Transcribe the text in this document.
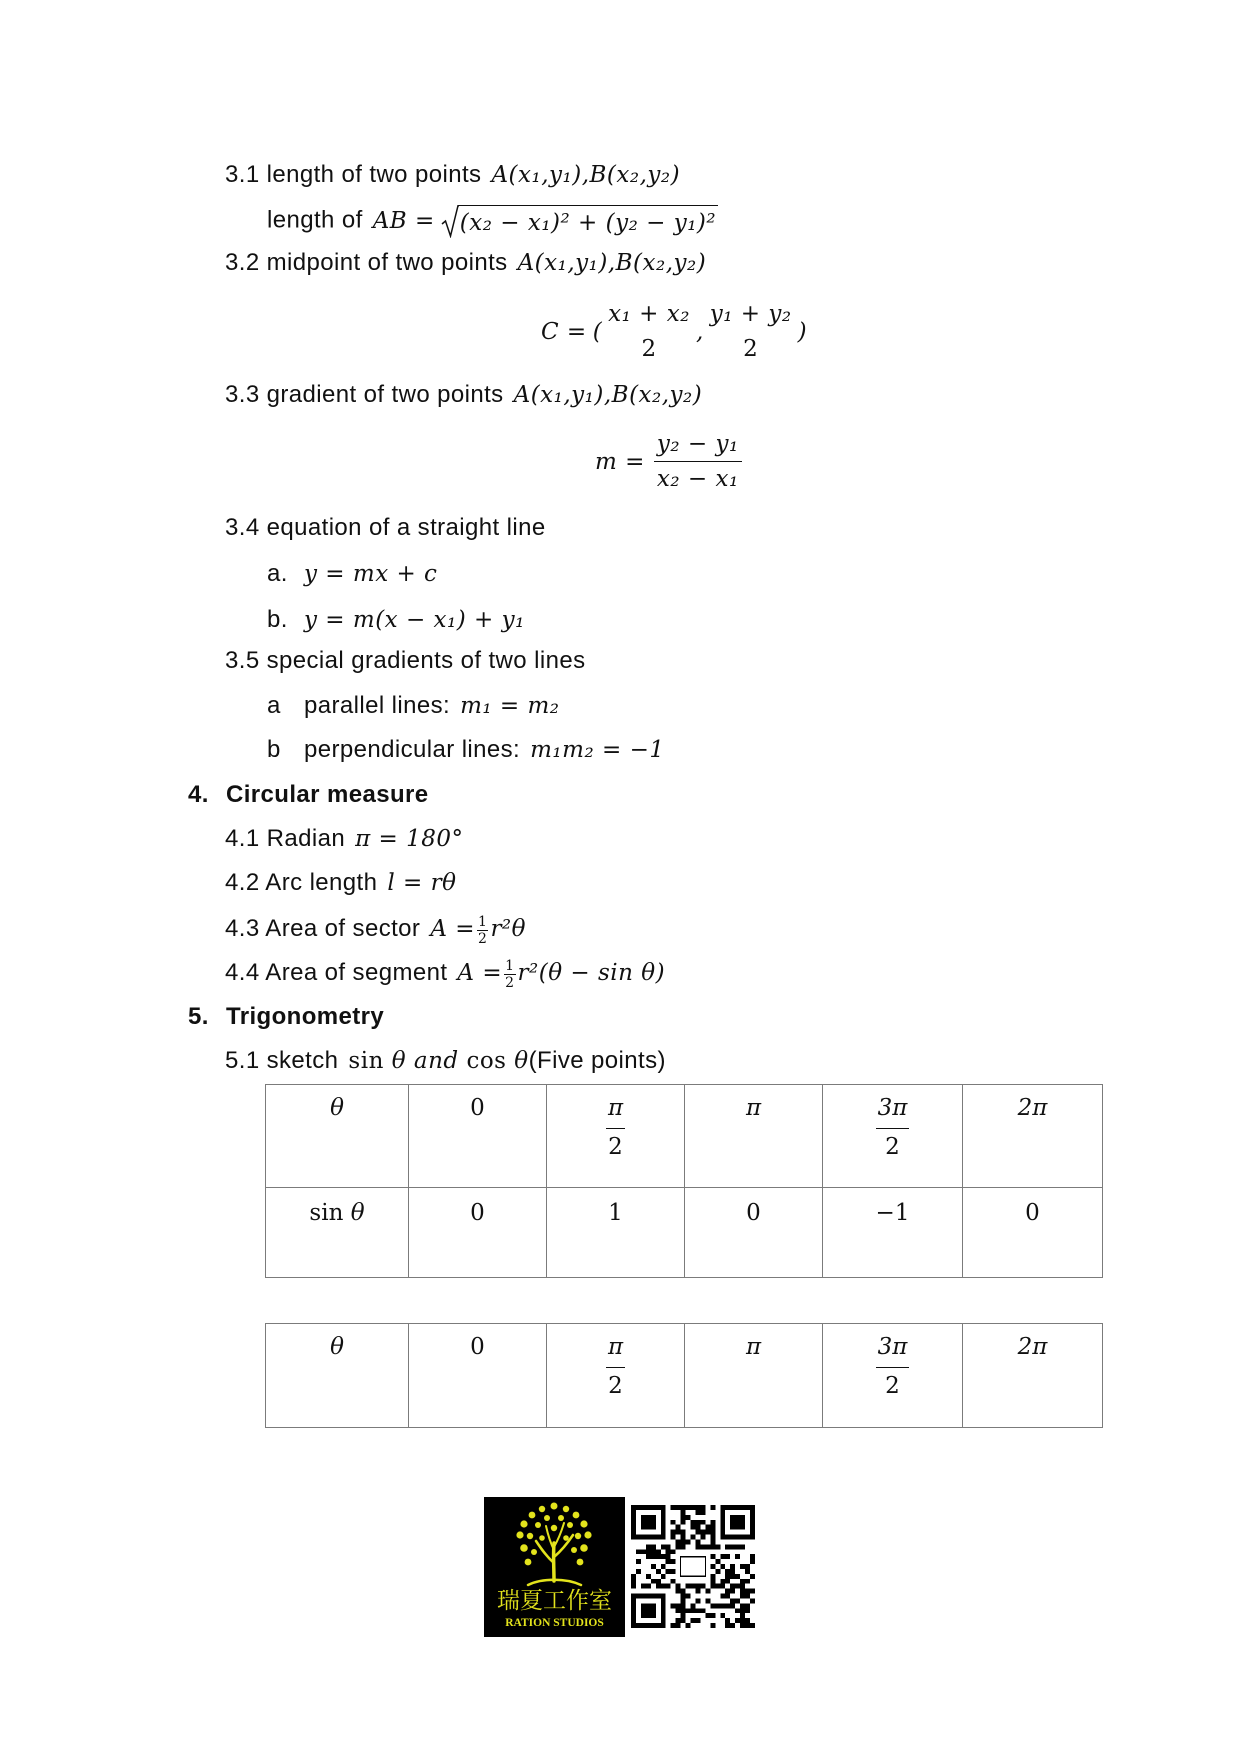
3.1 length of two points A(x₁,y₁),B(x₂,y₂)
length of AB = (x₂ − x₁)² + (y₂ − y₁)²
3.2 midpoint of two points A(x₁,y₁),B(x₂,y₂)
C = (
x₁ + x₂
2
,
y₁ + y₂
2
)
3.3 gradient of two points A(x₁,y₁),B(x₂,y₂)
$m = \frac{\text{y₂ − y₁}}{\text{x₂ − x₁}}$
3.4 equation of a straight line
a. y = mx + c
b. y = m(x − x₁) + y₁
3.5 special gradients of two lines
a parallel lines: m₁ = m₂
b perpendicular lines: m₁m₂ = −1
4. Circular measure
4.1 Radian π = 180°
4.2 Arc length l = rθ
4.3 Area of sector $A = \frac{1}{2} r^2\theta$
4.4 Area of segment $A = \frac{1}{2} r^2(\theta - \sin \theta)$
5. Trigonometry
5.1 sketch sin θ and cos θ(Five points)
θ	0	$\frac{\pi}{2}$	π	$\frac{3\pi}{2}$	2π
sin θ	0	1	0	−1	0
θ	0	$\frac{\pi}{2}$	π	$\frac{3\pi}{2}$	2π
瑞夏工作室
RATION STUDIOS
